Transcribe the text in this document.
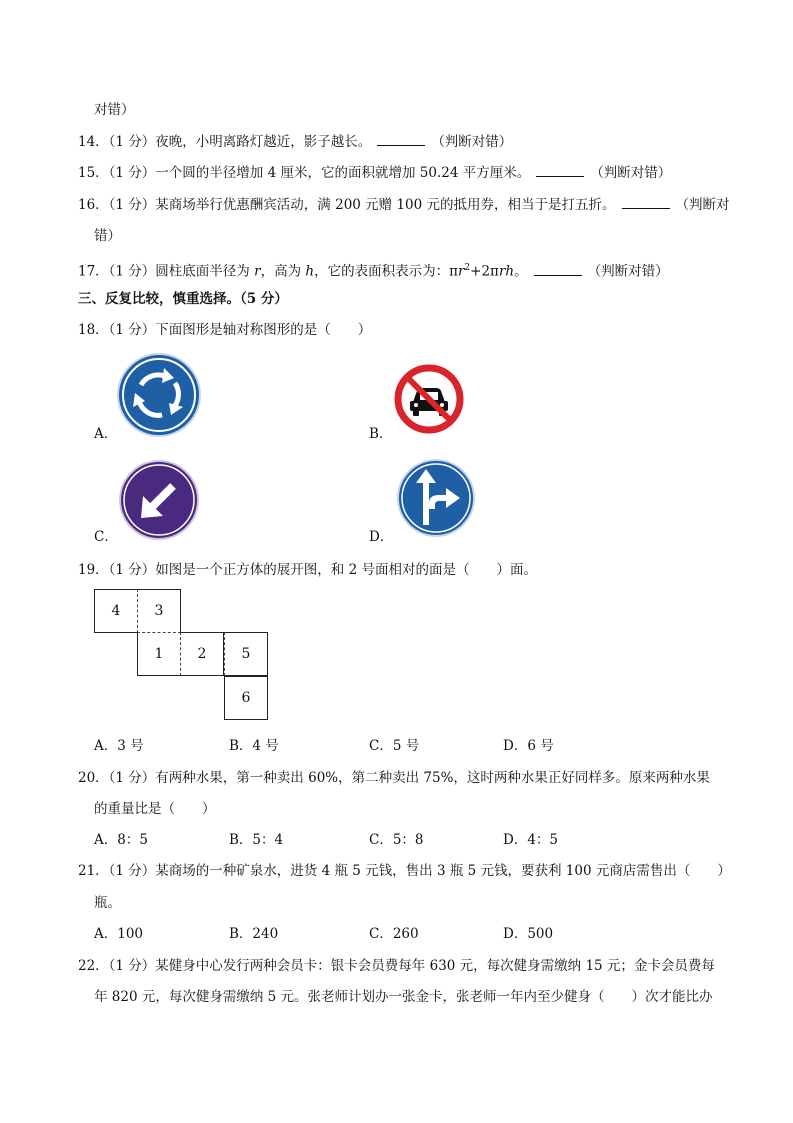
对错）
14．（1 分）夜晚，小明离路灯越近，影子越长。	（判断对错）
15．（1 分）一个圆的半径增加 4 厘米，它的面积就增加 50.24 平方厘米。	（判断对错）
16．（1 分）某商场举行优惠酬宾活动，满 200 元赠 100 元的抵用券，相当于是打五折。	（判断对
错）
17．（1 分）圆柱底面半径为 r，高为 h，它的表面积表示为：$\pi r^2+2\pi rh$。	（判断对错）
三、反复比较，慎重选择。（5 分）
18．（1 分）下面图形是轴对称图形的是（　　）
A．	B．
C．	D．
19．（1 分）如图是一个正方体的展开图，和 2 号面相对的面是（　　）面。
4	3
1	2	5
6
A．3 号	B．4 号	C．5 号	D．6 号
20．（1 分）有两种水果，第一种卖出 60%，第二种卖出 75%，这时两种水果正好同样多。原来两种水果
的重量比是（　　）
A．8：5	B．5：4	C．5：8	D．4：5
21．（1 分）某商场的一种矿泉水，进货 4 瓶 5 元钱，售出 3 瓶 5 元钱，要获利 100 元商店需售出（　　）
瓶。
A．100	B．240	C．260	D．500
22．（1 分）某健身中心发行两种会员卡：银卡会员费每年 630 元，每次健身需缴纳 15 元；金卡会员费每
年 820 元，每次健身需缴纳 5 元。张老师计划办一张金卡，张老师一年内至少健身（　　）次才能比办
